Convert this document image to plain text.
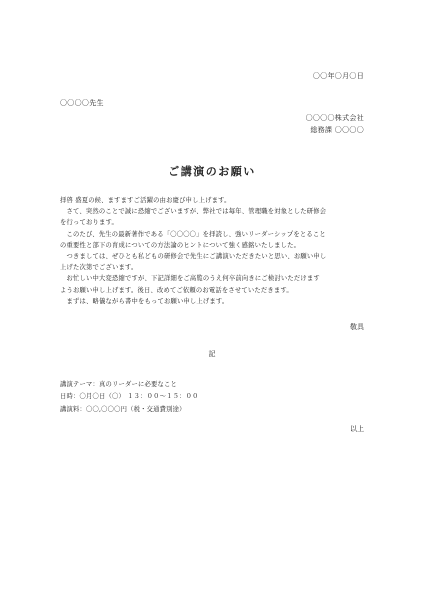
〇〇年〇月〇日
〇〇〇〇先生
〇〇〇〇株式会社
総務課 〇〇〇〇
ご講演のお願い

拝啓 盛夏の候、ますますご活躍の由お慶び申し上げます。

　さて、突然のことで誠に恐縮でございますが、弊社では毎年、管理職を対象とした研修会

を行っております。

　このたび、先生の最新著作である「〇〇〇〇」を拝読し、強いリーダーシップをとること

の重要性と部下の育成についての方法論のヒントについて強く感銘いたしました。

　つきましては、ぜひとも私どもの研修会で先生にご講演いただきたいと思い、お願い申し

上げた次第でございます。

　お忙しい中大変恐縮ですが、下記詳細をご高覧のうえ何卒前向きにご検討いただけます

ようお願い申し上げます。後日、改めてご依頼のお電話をさせていただきます。

　まずは、略儀ながら書中をもってお願い申し上げます。

敬具
記
講演テーマ：真のリーダーに必要なこと
日時：〇月〇日（〇） １３：００〜１５：００
講演料：〇〇,〇〇〇円（税・交通費別途）
以上
